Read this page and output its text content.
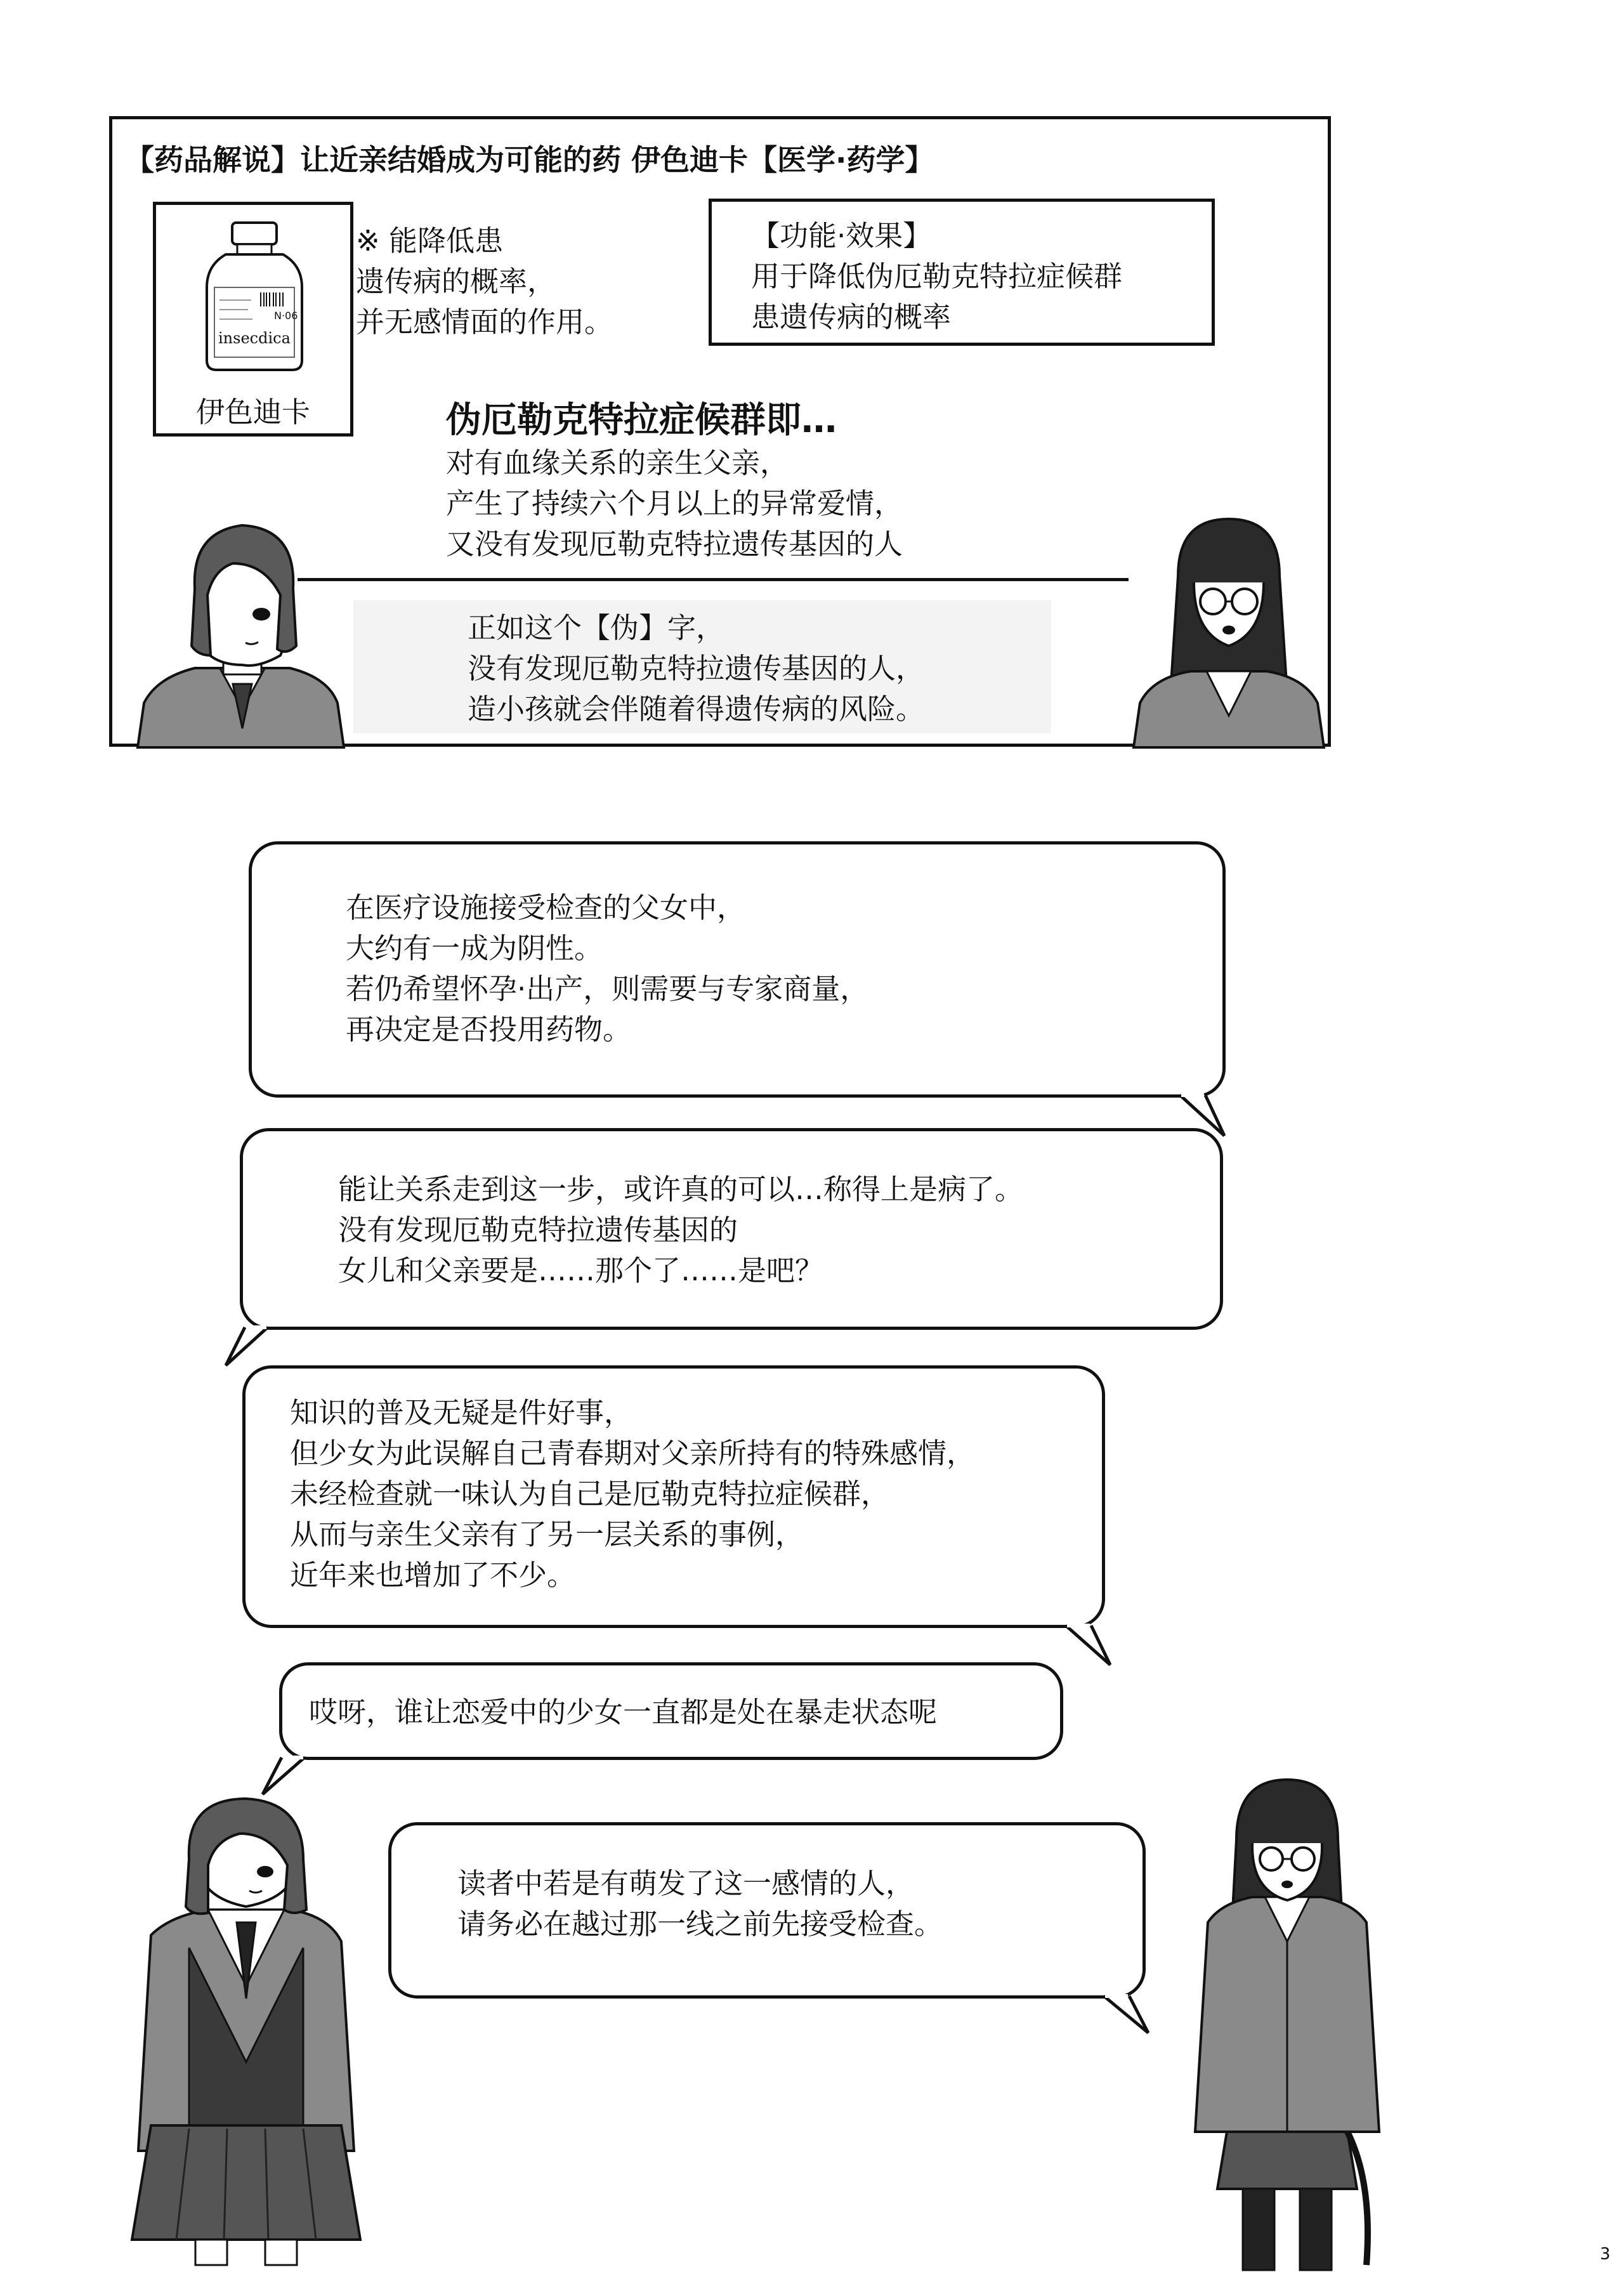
【药品解说】让近亲结婚成为可能的药 伊色迪卡【医学·药学】
N·06
insecdica
伊色迪卡
※ 能降低患
遗传病的概率，
并无感情面的作用。
【功能·效果】
用于降低伪厄勒克特拉症候群
患遗传病的概率
伪厄勒克特拉症候群即…
对有血缘关系的亲生父亲，
产生了持续六个月以上的异常爱情，
又没有发现厄勒克特拉遗传基因的人
正如这个【伪】字，
没有发现厄勒克特拉遗传基因的人，
造小孩就会伴随着得遗传病的风险。
在医疗设施接受检查的父女中，
大约有一成为阴性。
若仍希望怀孕·出产，则需要与专家商量，
再决定是否投用药物。
能让关系走到这一步，或许真的可以…称得上是病了。
没有发现厄勒克特拉遗传基因的
女儿和父亲要是……那个了……是吧？
知识的普及无疑是件好事，
但少女为此误解自己青春期对父亲所持有的特殊感情，
未经检查就一味认为自己是厄勒克特拉症候群，
从而与亲生父亲有了另一层关系的事例，
近年来也增加了不少。
哎呀，谁让恋爱中的少女一直都是处在暴走状态呢
读者中若是有萌发了这一感情的人，
请务必在越过那一线之前先接受检查。
3
